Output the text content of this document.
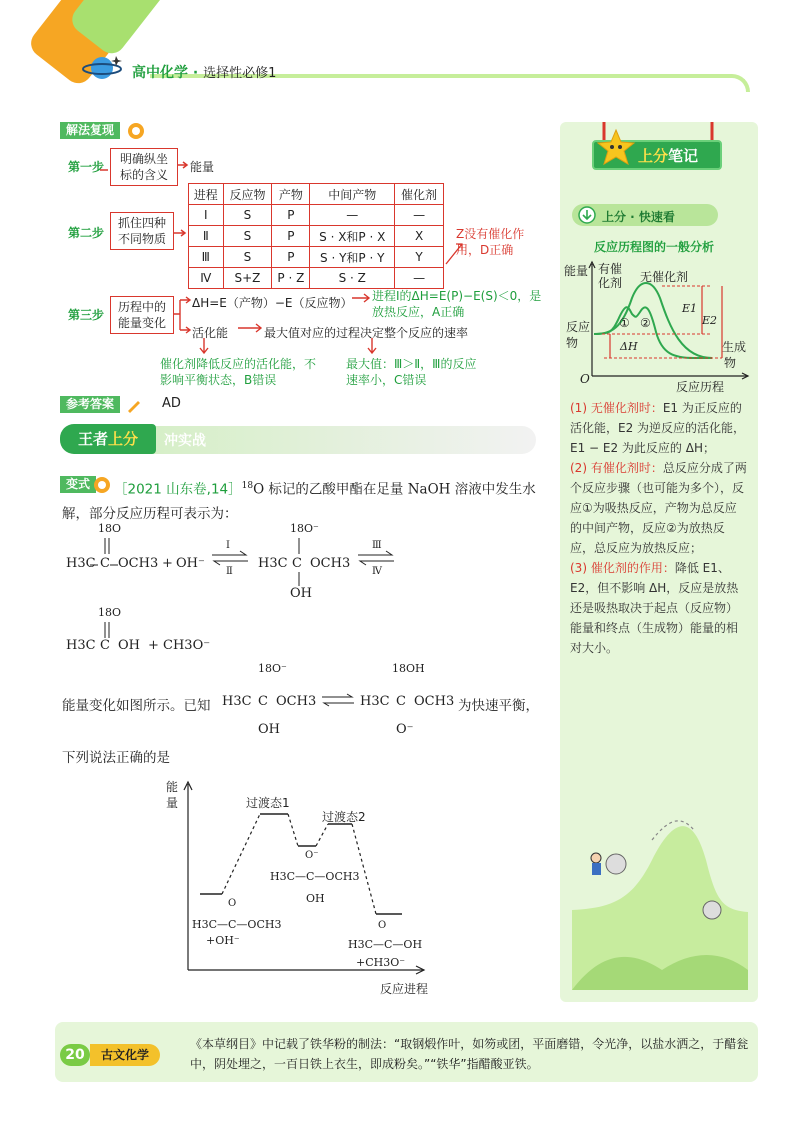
高中化学 · 选择性必修1
上分笔记
上分 · 快速看
反应历程图的一般分析
能量 有催化剂	无催化剂
反应
物	生成
物
E1
E2
ΔH
① ②
O
反应历程

(1) 无催化剂时：E1 为正反应的活化能，E2 为逆反应的活化能，E1 − E2 为此反应的 ΔH；

(2) 有催化剂时：总反应分成了两个反应步骤（也可能为多个），反应①为吸热反应，产物为总反应的中间产物，反应②为放热反应，总反应为放热反应；

(3) 催化剂的作用：降低 E1、E2，但不影响 ΔH，反应是放热还是吸热取决于起点（反应物）能量和终点（生成物）能量的相对大小。

解法复现
第一步
明确纵坐标的含义
能量
第二步
抓住四种不同物质
进程	反应物	产物	中间产物	催化剂
Ⅰ	S	P	—	—
Ⅱ	S	P	S · X和P · X	X
Ⅲ	S	P	S · Y和P · Y	Y
Ⅳ	S+Z	P · Z	S · Z	—
Z没有催化作用，D正确
第三步
历程中的能量变化
ΔH=E（产物）−E（反应物） 进程Ⅰ的ΔH=E(P)−E(S)＜0，是放热反应，A正确
活化能	最大值对应的过程决定整个反应的速率
催化剂降低反应的活化能，不影响平衡状态，B错误
最大值：Ⅲ＞Ⅱ，Ⅲ的反应速率小，C错误
参考答案	AD
王者上分	冲实战
变式	［2021 山东卷,14］$^{18}$O 标记的乙酸甲酯在足量 NaOH 溶液中发生水解，部分反应历程可表示为：
18O
H3C C OCH3 + OH⁻ ⇌
Ⅰ
Ⅱ
18O⁻
H3C C OCH3
OH
Ⅲ
Ⅳ
18O
H3C C OH + CH3O⁻
能量变化如图所示。已知
18O⁻
H3C C OCH3
OH
18OH
H3C C OCH3
O⁻
为快速平衡，
下列说法正确的是
能
量	过渡态1
过渡态2
O⁻
H3C—C—OCH3
OH
O
H3C—C—OCH3
+OH⁻
O
H3C—C—OH
+CH3O⁻
反应进程
20	古文化学
《本草纲目》中记载了铁华粉的制法：“取钢煅作叶，如笏或团，平面磨错，令光净，以盐水洒之，于醋瓮中，阴处埋之，一百日铁上衣生，即成粉矣。”“铁华”指醋酸亚铁。
